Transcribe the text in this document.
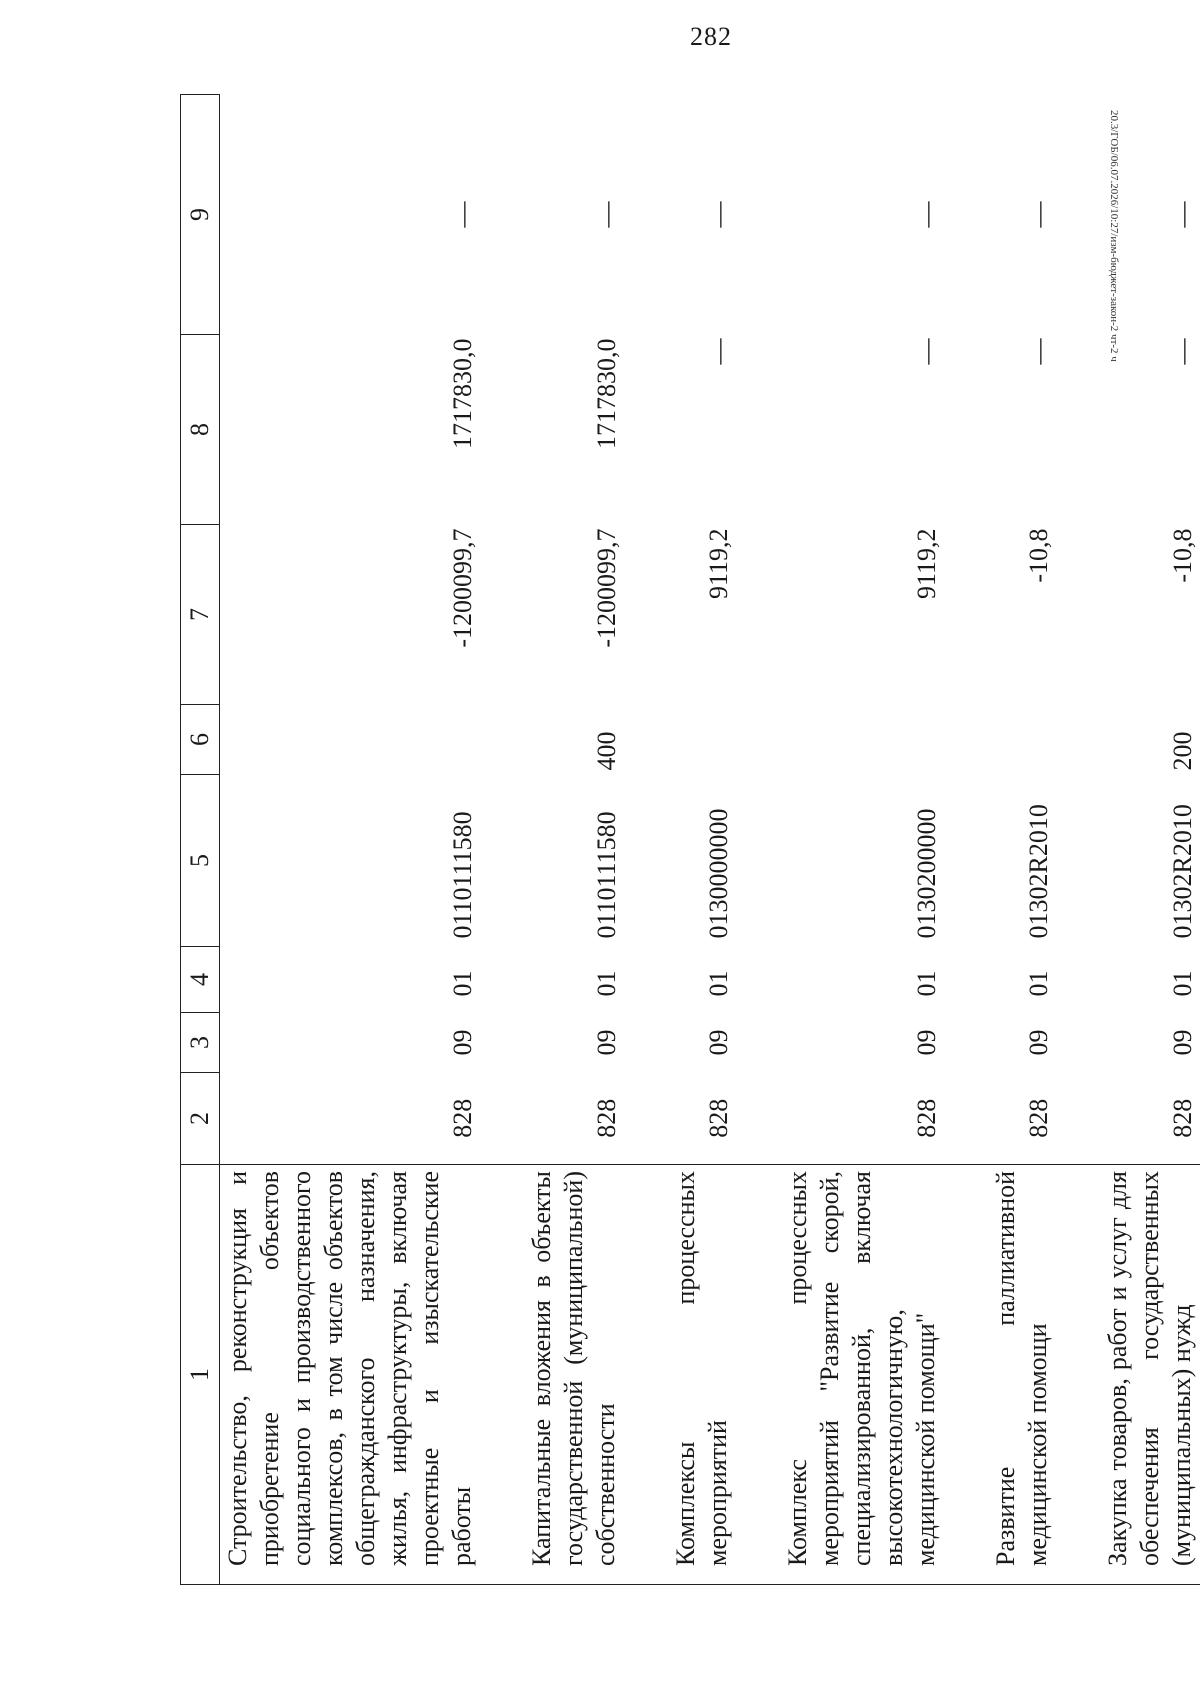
282
20.3/ГОБ/06.07.2026/10:27/изм-бюджет-закон-2 чт-2 ч
1	2	3	4	5	6	7	8	9
Строительство, реконструкция и приобретение объектов социального и производственного комплексов, в том числе объектов общегражданского назначения, жилья, инфраструктуры, включая проектные и изыскательские работы	828	09	01	0110111580		-1200099,7	1717830,0	—
Капитальные вложения в объекты государственной (муниципальной) собственности	828	09	01	0110111580	400	-1200099,7	1717830,0	—
Комплексы процессных мероприятий	828	09	01	0130000000		9119,2	—	—
Комплекс процессных мероприятий "Развитие скорой, специализированной, включая высокотехнологичную, медицинской помощи"	828	09	01	0130200000		9119,2	—	—
Развитие паллиативной медицинской помощи	828	09	01	01302R2010		-10,8	—	—
Закупка товаров, работ и услуг для обеспечения государственных (муниципальных) нужд	828	09	01	01302R2010	200	-10,8	—	—
